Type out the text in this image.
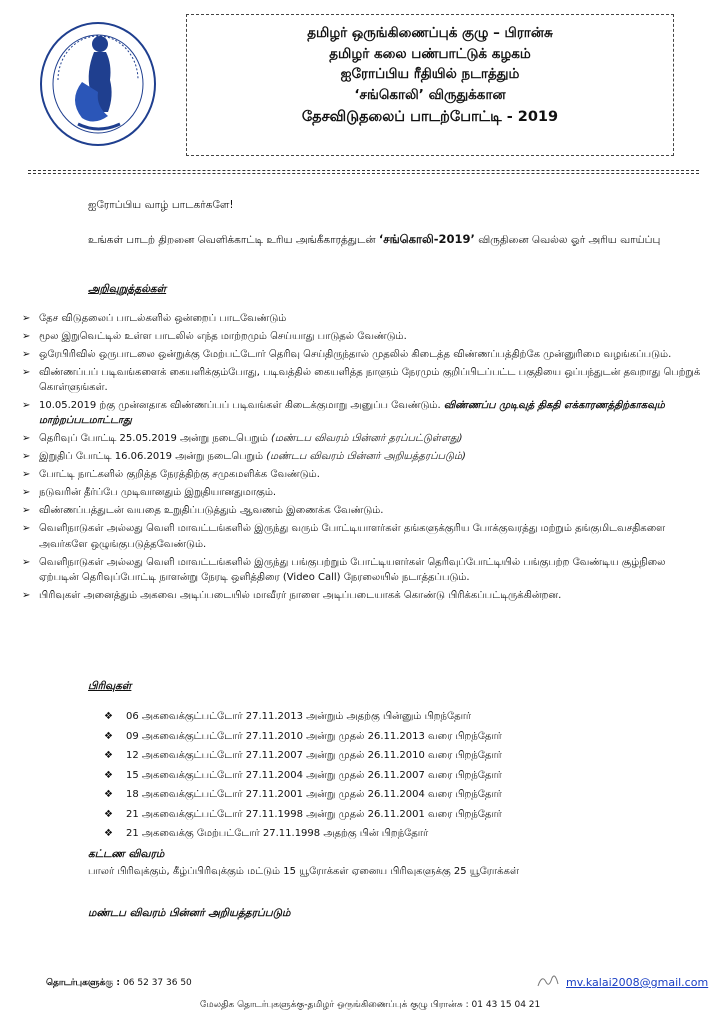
தமிழர் ஒருங்கிணைப்புக் குழு – பிரான்சு
தமிழர் கலை பண்பாட்டுக் கழகம்
ஐரோப்பிய ரீதியில் நடாத்தும்
‘சங்கொலி’ விருதுக்கான
தேசவிடுதலைப் பாடற்போட்டி - 2019
ஐரோப்பிய வாழ் பாடகர்களே!
உங்கள் பாடற் திறனை வெளிக்காட்டி உரிய அங்கீகாரத்துடன் ‘சங்கொலி-2019’ விருதினை வெல்ல ஓர் அரிய வாய்ப்பு
அறிவுறுத்தல்கள்
➢ தேச விடுதலைப் பாடல்களில் ஒன்றைப் பாடவேண்டும்
➢ மூல இறுவெட்டில் உள்ள பாடலில் எந்த மாற்றமும் செய்யாது பாடுதல் வேண்டும்.
➢ ஒரேபிரிவில் ஒருபாடலை ஒன்றுக்கு மேற்பட்டோர் தெரிவு செய்திருந்தால் முதலில் கிடைத்த விண்ணப்பத்திற்கே முன்னுரிமை வழங்கப்படும்.
➢ விண்ணப்பப் படிவங்களைக் கையளிக்கும்போது, படிவத்தில் கையளித்த நாளும் நேரமும் குறிப்பிடப்பட்ட பகுதியை ஒப்பந்துடன் தவறாது பெற்றுக் கொள்ளுங்கள்.
➢ 10.05.2019 ற்கு முன்னதாக விண்ணப்பப் படிவங்கள் கிடைக்குமாறு அனுப்ப வேண்டும். விண்ணப்ப முடிவுத் திகதி எக்காரணத்திற்காகவும் மாற்றப்படமாட்டாது
➢ தெரிவுப் போட்டி 25.05.2019 அன்று நடைபெறும் (மண்டப விவரம் பின்னர் தரப்பட்டுள்ளது)
➢ இறுதிப் போட்டி 16.06.2019 அன்று நடைபெறும் (மண்டப விவரம் பின்னர் அறியத்தரப்படும்)
➢ போட்டி நாட்களில் குறித்த நேரத்திற்கு சமுகமளிக்க வேண்டும்.
➢ நடுவரின் தீர்ப்பே முடிவானதும் இறுதியானதுமாகும்.
➢ விண்ணப்பத்துடன் வயதை உறுதிப்படுத்தும் ஆவணம் இணைக்க வேண்டும்.
➢ வெளிநாடுகள் அல்லது வெளி மாவட்டங்களில் இருந்து வரும் போட்டியாளர்கள் தங்களுக்குரிய போக்குவரத்து மற்றும் தங்குமிடவசதிகளை அவர்களே ஒழுங்குபடுத்தவேண்டும்.
➢ வெளிநாடுகள் அல்லது வெளி மாவட்டங்களில் இருந்து பங்குபற்றும் போட்டியளர்கள் தெரிவுப்போட்டியில் பங்குபற்ற வேண்டிய சூழ்நிலை ஏற்படின் தெரிவுப்போட்டி நாளன்று நேரடி ஒளித்திரை (Video Call) நேரலையில் நடாத்தப்படும்.
➢ பிரிவுகள் அனைத்தும் அகவை அடிப்படையில் மாவீரர் நாளை அடிப்படையாகக் கொண்டு பிரிக்கப்பட்டிருக்கின்றன.
பிரிவுகள்
❖ 06 அகவைக்குட்பட்டோர் 27.11.2013 அன்றும் அதற்கு பின்னும் பிறந்தோர்
❖ 09 அகவைக்குட்பட்டோர் 27.11.2010 அன்று முதல் 26.11.2013 வரை பிறந்தோர்
❖ 12 அகவைக்குட்பட்டோர் 27.11.2007 அன்று முதல் 26.11.2010 வரை பிறந்தோர்
❖ 15 அகவைக்குட்பட்டோர் 27.11.2004 அன்று முதல் 26.11.2007 வரை பிறந்தோர்
❖ 18 அகவைக்குட்பட்டோர் 27.11.2001 அன்று முதல் 26.11.2004 வரை பிறந்தோர்
❖ 21 அகவைக்குட்பட்டோர் 27.11.1998 அன்று முதல் 26.11.2001 வரை பிறந்தோர்
❖ 21 அகவைக்கு மேற்பட்டோர் 27.11.1998 அதற்கு பின் பிறந்தோர்
கட்டண விவரம்
பாலர் பிரிவுக்கும், கீழ்ப்பிரிவுக்கும் மட்டும் 15 யூரோக்கள் ஏனைய பிரிவுகளுக்கு 25 யூரோக்கள்
மண்டப விவரம் பின்னர் அறியத்தரப்படும்
தொடர்புகளுக்கு : 06 52 37 36 50	mv.kalai2008@gmail.com
மேலதிக தொடர்புகளுக்கு-தமிழர் ஒருங்கிணைப்புக் குழு பிரான்சு : 01 43 15 04 21
